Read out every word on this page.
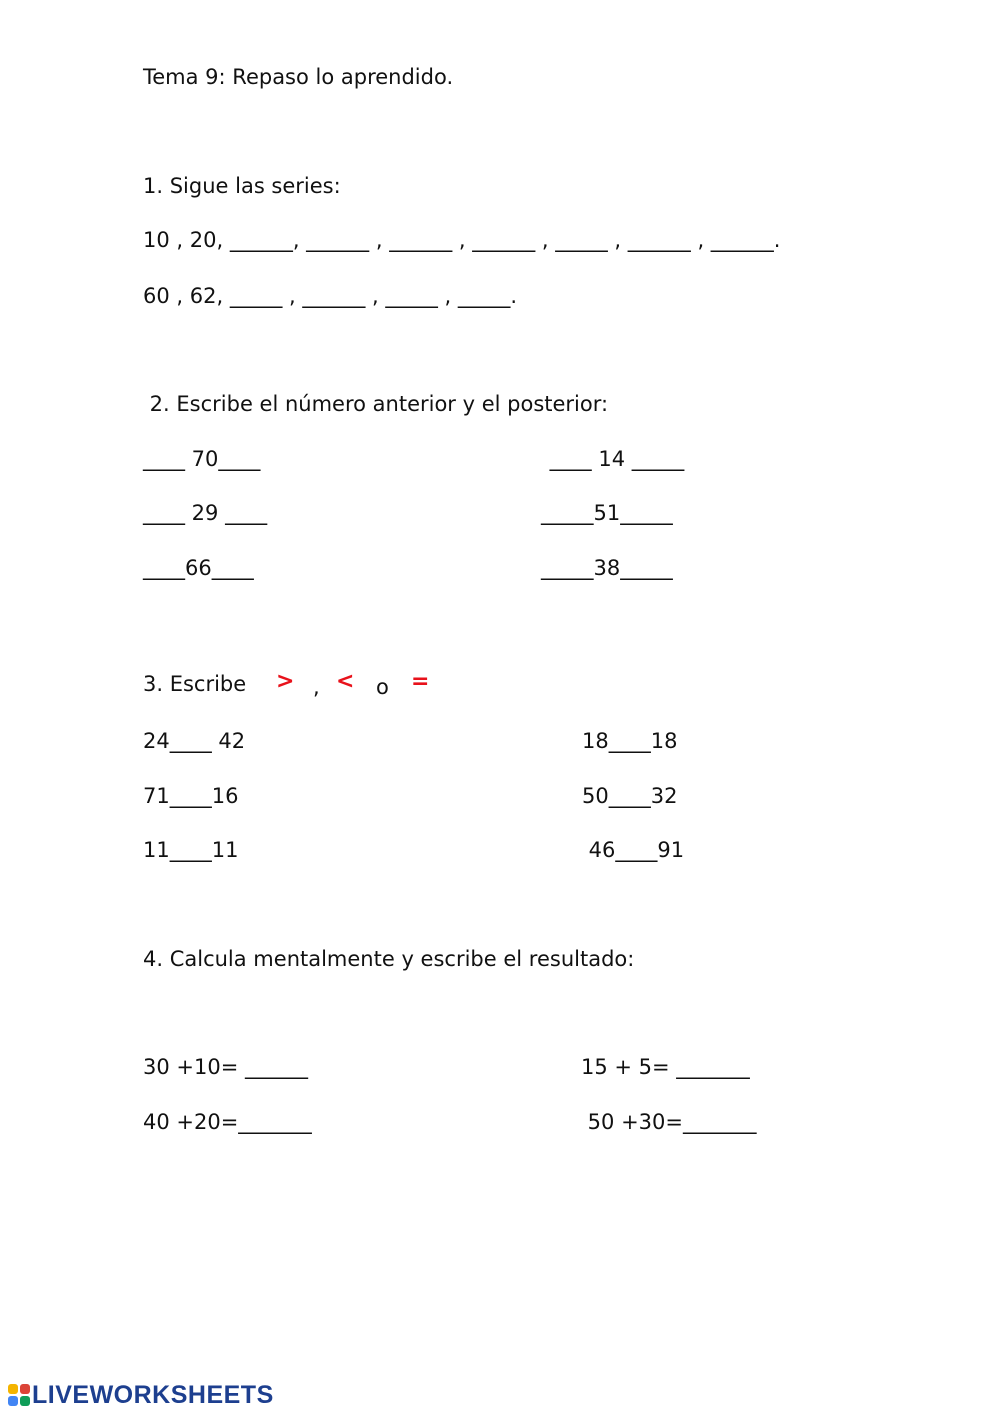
Tema 9: Repaso lo aprendido.
1. Sigue las series:
10 , 20, ______, ______ , ______ , ______ , _____ , ______ , ______.
60 , 62, _____ , ______ , _____ , _____.
2. Escribe el número anterior y el posterior:
____ 70____	____ 14 _____
____ 29 ____	_____51_____
____66____	_____38_____
3. Escribe > , < o =
24____ 42	18____18
71____16	50____32
11____11	46____91
4. Calcula mentalmente y escribe el resultado:
30 +10= ______	15 + 5= _______
40 +20=_______	50 +30=_______
LIVEWORKSHEETS
